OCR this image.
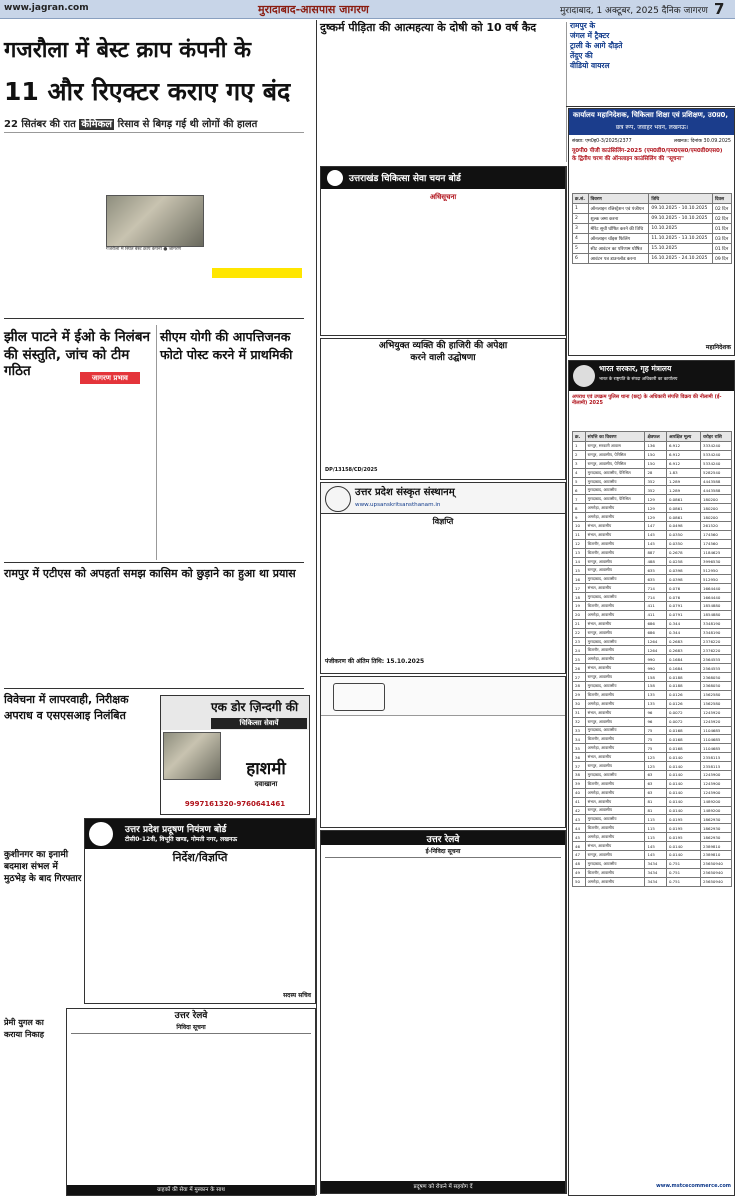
www.jagran.com	मुरादाबाद-आसपास जागरण	मुरादाबाद, 1 अक्टूबर, 2025 दैनिक जागरण 7
गजरौला में बेस्ट क्राप कंपनी के
11 और रिएक्टर कराए गए बंद
22 सितंबर की रात केमिकल रिसाव से बिगड़ गई थी लोगों की हालत
गजरौला में स्थित बेस्ट क्राप कंपनी ● जागरण
झील पाटने में ईओ के निलंबन
की संस्तुति, जांच को टीम गठित	जागरण प्रभाव
सीएम योगी की आपत्तिजनक
फोटो पोस्ट करने में प्राथमिकी
रामपुर में एटीएस को अपहर्ता समझ कासिम को छुड़ाने का हुआ था प्रयास
विवेचना में लापरवाही, निरीक्षक
अपराध व एसएसआइ निलंबित
एक डोर ज़िन्दगी की
चिकित्सा सेवायें
हाशमी
दवाखाना
9997161320-9760641461
कुशीनगर का इनामी
बदमाश संभल में
मुठभेड़ के बाद गिरफ्तार
उत्तर प्रदेश प्रदूषण नियंत्रण बोर्ड
टीसी0-12वी, विभूति खण्ड, गोमती नगर, लखनऊ
निर्देश/विज्ञप्ति
सदस्य सचिव
प्रेमी युगल का
कराया निकाह
उत्तर रेलवे
निविदा सूचना
ग्राहकों की सेवा में मुस्कान के साथ
दुष्कर्म पीड़िता की आत्महत्या के दोषी को 10 वर्ष कैद	रामपुर के
जंगल में ट्रैक्टर
ट्राली के आगे दौड़ते
तेंदुए की
वीडियो वायरल
कार्यालय महानिदेशक, चिकित्सा शिक्षा एवं प्रशिक्षण, उ0प्र0,
छत्र रूप, जवाहर भवन, लखनऊ।
संख्या: एम0इ0-3/2025/2377	लखनऊ: दिनांक 30.09.2025
यू0पी0 पीजी काउंसिलिंग-2025 (एम0डी0/एम0एस0/एम0डी0एस0)
के द्वितीय चरण की ऑनलाइन काउंसिलिंग की "सूचना"
क्र.सं.	विवरण	तिथि	दिवस
1	ऑनलाइन रजिस्ट्रेशन एवं पंजीयन	09.10.2025 - 10.10.2025	02 दिन
2	शुल्क जमा करना	09.10.2025 - 10.10.2025	02 दिन
3	मेरिट सूची घोषित करने की तिथि	10.10.2025	01 दिन
4	ऑनलाइन चॉइस फिलिंग	11.10.2025 - 13.10.2025	03 दिन
5	सीट आवंटन का परिणाम घोषित	15.10.2025	01 दिन
6	आवंटन पत्र डाउनलोड करना	16.10.2025 - 24.10.2025	09 दिन
महानिदेशक
उत्तराखंड चिकित्सा सेवा चयन बोर्ड
अधिसूचना
अभियुक्त व्यक्ति की हाजिरी की अपेक्षा
करने वाली उद्घोषणा
DP/13158/CD/2025
उत्तर प्रदेश संस्कृत संस्थानम्
www.upsanskritsansthanam.in
विज्ञप्ति
पंजीकरण की अंतिम तिथि: 15.10.2025
उत्तर रेलवे
ई-निविदा सूचना
प्रदूषण को रोकने में सहयोग दें
भारत सरकार, गृह मंत्रालय
भारत के राष्ट्रपति के संपदा अधिकारी का कार्यालय
अपराध एवं उपक्रम पुलिस थाना (छ्द्) के अधिकारी संपत्ति विक्रय की नीलामी (ई-नीलामी) 2025
क्र.	संपत्ति का विवरण	क्षेत्रफल	आरक्षित मूल्य	धरोहर राशि
1	रामपुर, सरकारी आवास	136	6.912	3334240
2	रामपुर, आवासीय, पेनिसिल	150	6.912	5334240
3	रामपुर, आवासीय, पेनिसिल	150	6.912	5334240
4	मुरादाबाद, आवासीय, पेनिसिल	28	1.83	5282540
5	मुरादाबाद, आवासीय	352	1.289	4443588
6	मुरादाबाद, आवासीय	352	1.289	4443588
7	मुरादाबाद, आवासीय, पेनिसिल	129	0.0861	180200
8	अमरोहा, आवासीय	129	0.0861	180200
9	अमरोहा, आवासीय	129	0.0861	180200
10	संभल, आवासीय	147	0.0498	261520
11	संभल, आवासीय	145	0.0350	174560
12	बिजनौर, आवासीय	145	0.0350	174560
13	बिजनौर, आवासीय	887	0.2678	1184625
14	रामपुर, आवासीय	488	0.0258	3996530
15	रामपुर, आवासीय	635	0.0398	512950
16	मुरादाबाद, आवासीय	635	0.0398	512950
17	संभल, आवासीय	714	0.076	1664440
18	मुरादाबाद, आवासीय	714	0.076	1664440
19	बिजनौर, आवासीय	411	0.0791	1854880
20	अमरोहा, आवासीय	411	0.0791	1854880
21	संभल, आवासीय	686	0.344	3348190
22	रामपुर, आवासीय	686	0.344	3348190
23	मुरादाबाद, आवासीय	1264	0.2683	2376220
24	बिजनौर, आवासीय	1264	0.2683	2376220
25	अमरोहा, आवासीय	990	0.1684	2564555
26	संभल, आवासीय	990	0.1684	2564555
27	रामपुर, आवासीय	158	0.0188	2368050
28	मुरादाबाद, आवासीय	158	0.0188	2368050
29	बिजनौर, आवासीय	135	0.0126	1562580
30	अमरोहा, आवासीय	135	0.0126	1562580
31	संभल, आवासीय	96	0.0072	1245920
32	रामपुर, आवासीय	96	0.0072	1245920
33	मुरादाबाद, आवासीय	75	0.0168	1104685
34	बिजनौर, आवासीय	75	0.0168	1104685
35	अमरोहा, आवासीय	75	0.0168	1104685
36	संभल, आवासीय	125	0.0140	2358115
37	रामपुर, आवासीय	125	0.0140	2358115
38	मुरादाबाद, आवासीय	63	0.0140	1245900
39	बिजनौर, आवासीय	63	0.0140	1245900
40	अमरोहा, आवासीय	63	0.0140	1245900
41	संभल, आवासीय	81	0.0140	1489200
42	रामपुर, आवासीय	81	0.0140	1489200
43	मुरादाबाद, आवासीय	115	0.0195	1862930
44	बिजनौर, आवासीय	115	0.0195	1862930
45	अमरोहा, आवासीय	115	0.0195	1862930
46	संभल, आवासीय	145	0.0140	2389810
47	रामपुर, आवासीय	145	0.0140	2389810
48	मुरादाबाद, आवासीय	3434	0.751	25650940
49	बिजनौर, आवासीय	3434	0.751	25650940
50	अमरोहा, आवासीय	3434	0.751	25650940
www.mstcecommerce.com
